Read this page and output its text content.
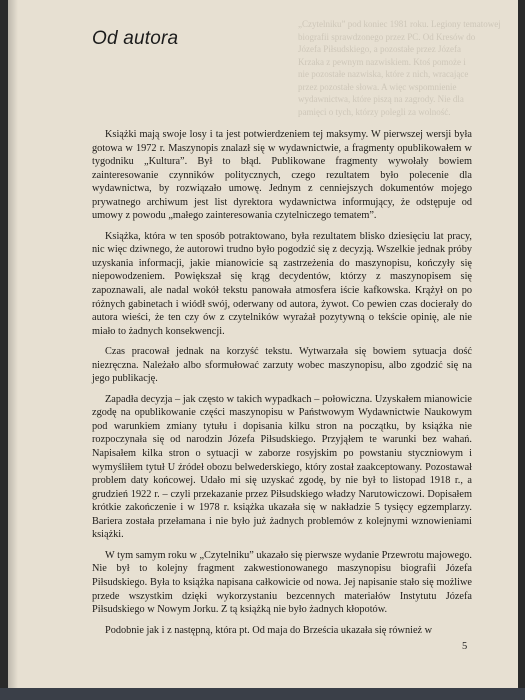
„Czytelniku” pod koniec 1981 roku. Legiony tematowej
biografii sprawdzonego przez PC. Od Kresów do
Józefa Piłsudskiego, a pozostałe przez Józefa
Krzaka z pewnym nazwiskiem. Ktoś pomoże i
nie pozostałe nazwiska, które z nich, wracające
przez pozostałe słowa. A więc wspomnienie
wydawnictwa, które piszą na zagrody. Nie dla
pamięci o tych, którzy polegli za wolność.
Od autora

Książki mają swoje losy i ta jest potwierdzeniem tej maksymy. W pierwszej wersji była gotowa w 1972 r. Maszynopis znalazł się w wydawnictwie, a fragmenty opublikowałem w tygodniku „Kultura”. Był to błąd. Publikowane fragmenty wywołały bowiem zainteresowanie czynników politycznych, czego rezultatem było polecenie dla wydawnictwa, by rozwiązało umowę. Jednym z cenniejszych dokumentów mojego prywatnego archiwum jest list dyrektora wydawnictwa informujący, że odstępuje od umowy z powodu „małego zainteresowania czytelniczego tematem”.

Książka, która w ten sposób potraktowano, była rezultatem blisko dziesięciu lat pracy, nic więc dziwnego, że autorowi trudno było pogodzić się z decyzją. Wszelkie jednak próby uzyskania informacji, jakie mianowicie są zastrzeżenia do maszynopisu, kończyły się niepowodzeniem. Powiększał się krąg decydentów, którzy z maszynopisem się zapoznawali, ale nadal wokół tekstu panowała atmosfera iście kafkowska. Krążył on po różnych gabinetach i wiódł swój, oderwany od autora, żywot. Co pewien czas docierały do autora wieści, że ten czy ów z czytelników wyrażał pozytywną o tekście opinię, ale nie miało to żadnych konsekwencji.

Czas pracował jednak na korzyść tekstu. Wytwarzała się bowiem sytuacja dość niezręczna. Należało albo sformułować zarzuty wobec maszynopisu, albo zgodzić się na jego publikację.

Zapadła decyzja – jak często w takich wypadkach – połowiczna. Uzyskałem mianowicie zgodę na opublikowanie części maszynopisu w Państwowym Wydawnictwie Naukowym pod warunkiem zmiany tytułu i dopisania kilku stron na początku, by książka nie rozpoczynała się od narodzin Józefa Piłsudskiego. Przyjąłem te warunki bez wahań. Napisałem kilka stron o sytuacji w zaborze rosyjskim po powstaniu styczniowym i wymyśliłem tytuł U źródeł obozu belwederskiego, który został zaakceptowany. Pozostawał problem daty końcowej. Udało mi się uzyskać zgodę, by nie był to listopad 1918 r., a grudzień 1922 r. – czyli przekazanie przez Piłsudskiego władzy Narutowiczowi. Dopisałem krótkie zakończenie i w 1978 r. książka ukazała się w nakładzie 5 tysięcy egzemplarzy. Bariera została przełamana i nie było już żadnych problemów z kolejnymi wznowieniami książki.

W tym samym roku w „Czytelniku” ukazało się pierwsze wydanie Przewrotu majowego. Nie był to kolejny fragment zakwestionowanego maszynopisu biografii Józefa Piłsudskiego. Była to książka napisana całkowicie od nowa. Jej napisanie stało się możliwe przede wszystkim dzięki wykorzystaniu bezcennych materiałów Instytutu Józefa Piłsudskiego w Nowym Jorku. Z tą książką nie było żadnych kłopotów.

Podobnie jak i z następną, która pt. Od maja do Brześcia ukazała się również w

5
